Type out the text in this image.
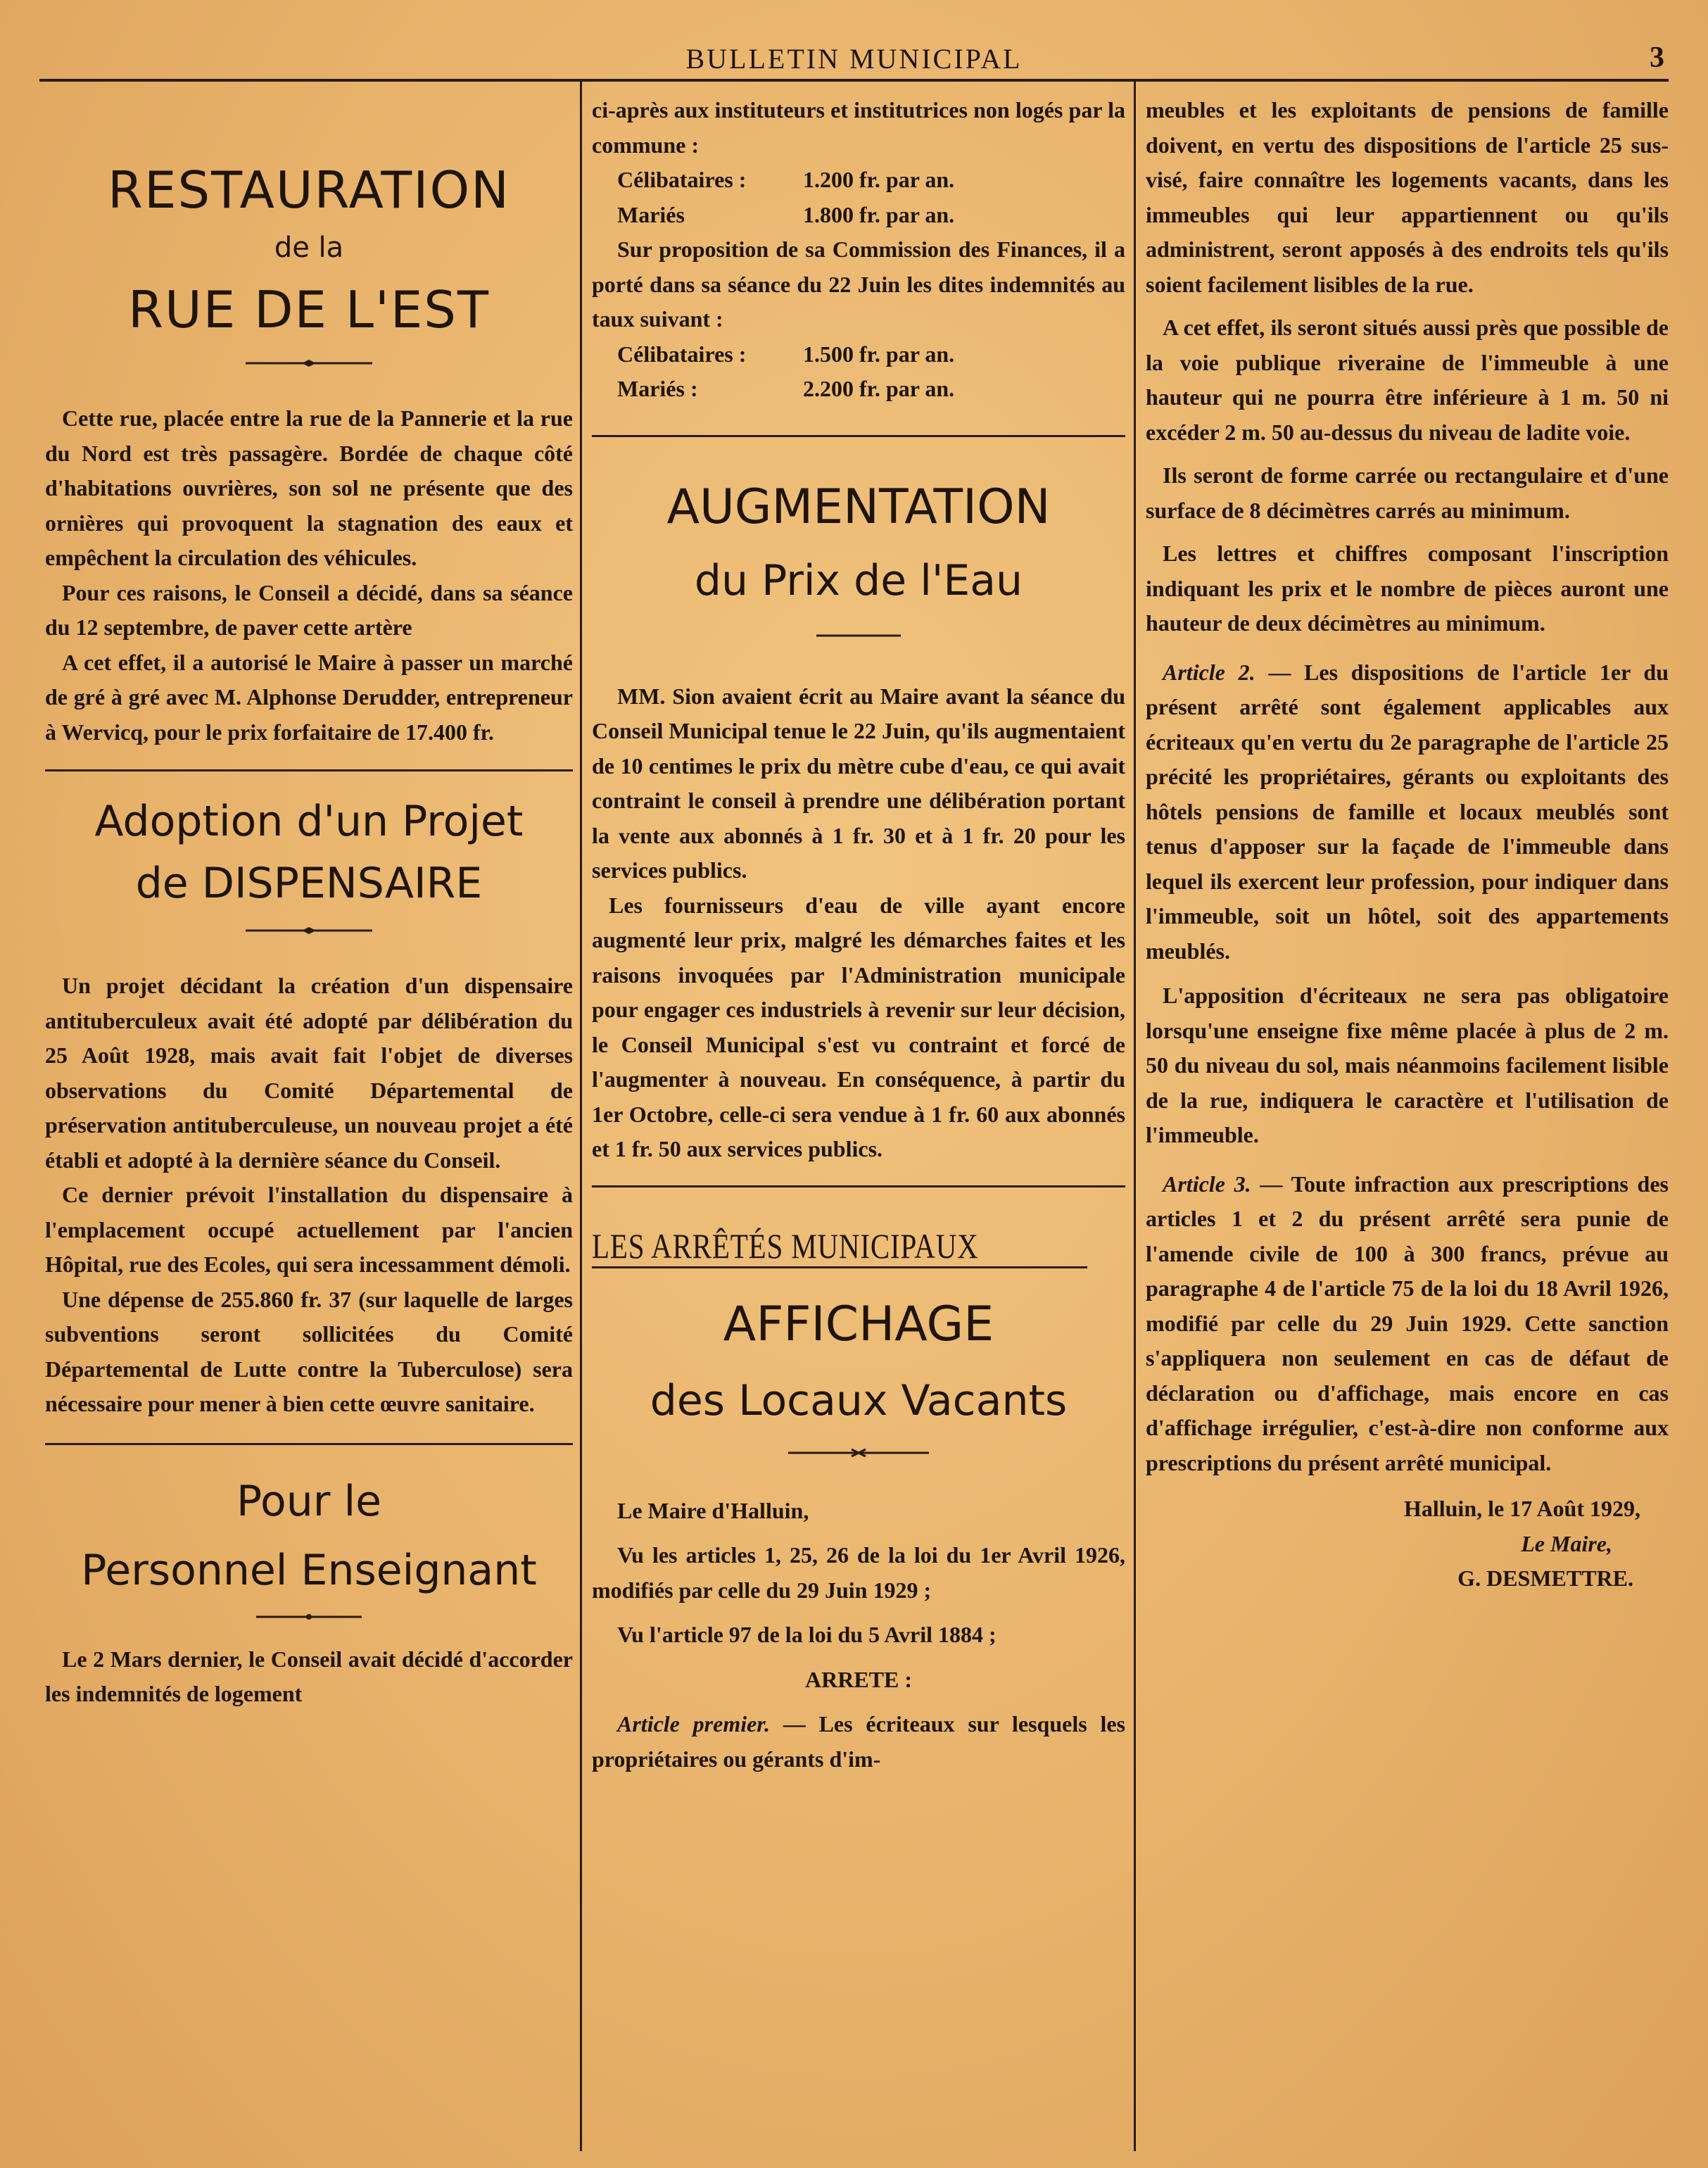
BULLETIN MUNICIPAL	3
RESTAURATION
de la
RUE DE L'EST

Cette rue, placée entre la rue de la Pannerie et la rue du Nord est très passagère. Bordée de chaque côté d'habitations ouvrières, son sol ne présente que des ornières qui provoquent la stagnation des eaux et empêchent la circulation des véhicules.

Pour ces raisons, le Conseil a décidé, dans sa séance du 12 septembre, de paver cette artère

A cet effet, il a autorisé le Maire à passer un marché de gré à gré avec M. Alphonse Derudder, entrepreneur à Wervicq, pour le prix forfaitaire de 17.400 fr.

Adoption d'un Projet
de DISPENSAIRE

Un projet décidant la création d'un dispensaire antituberculeux avait été adopté par délibération du 25 Août 1928, mais avait fait l'objet de diverses observations du Comité Départemental de préservation antituberculeuse, un nouveau projet a été établi et adopté à la dernière séance du Conseil.

Ce dernier prévoit l'installation du dispensaire à l'emplacement occupé actuellement par l'ancien Hôpital, rue des Ecoles, qui sera incessamment démoli.

Une dépense de 255.860 fr. 37 (sur laquelle de larges subventions seront sollicitées du Comité Départemental de Lutte contre la Tuberculose) sera nécessaire pour mener à bien cette œuvre sanitaire.

Pour le
Personnel Enseignant

Le 2 Mars dernier, le Conseil avait décidé d'accorder les indemnités de logement

ci-après aux instituteurs et institutrices non logés par la commune :

Célibataires :	1.200 fr. par an.
Mariés	1.800 fr. par an.

Sur proposition de sa Commission des Finances, il a porté dans sa séance du 22 Juin les dites indemnités au taux suivant :

Célibataires :	1.500 fr. par an.
Mariés :	2.200 fr. par an.
AUGMENTATION
du Prix de l'Eau

MM. Sion avaient écrit au Maire avant la séance du Conseil Municipal tenue le 22 Juin, qu'ils augmentaient de 10 centimes le prix du mètre cube d'eau, ce qui avait contraint le conseil à prendre une délibération portant la vente aux abonnés à 1 fr. 30 et à 1 fr. 20 pour les services publics.

Les fournisseurs d'eau de ville ayant encore augmenté leur prix, malgré les démarches faites et les raisons invoquées par l'Administration municipale pour engager ces industriels à revenir sur leur décision, le Conseil Municipal s'est vu contraint et forcé de l'augmenter à nouveau. En conséquence, à partir du 1er Octobre, celle-ci sera vendue à 1 fr. 60 aux abonnés et 1 fr. 50 aux services publics.

LES ARRÊTÉS MUNICIPAUX
AFFICHAGE
des Locaux Vacants

Le Maire d'Halluin,

Vu les articles 1, 25, 26 de la loi du 1er Avril 1926, modifiés par celle du 29 Juin 1929 ;

Vu l'article 97 de la loi du 5 Avril 1884 ;

ARRETE :

Article premier. — Les écriteaux sur lesquels les propriétaires ou gérants d'im-

meubles et les exploitants de pensions de famille doivent, en vertu des dispositions de l'article 25 sus-visé, faire connaître les logements vacants, dans les immeubles qui leur appartiennent ou qu'ils administrent, seront apposés à des endroits tels qu'ils soient facilement lisibles de la rue.

A cet effet, ils seront situés aussi près que possible de la voie publique riveraine de l'immeuble à une hauteur qui ne pourra être inférieure à 1 m. 50 ni excéder 2 m. 50 au-dessus du niveau de ladite voie.

Ils seront de forme carrée ou rectangulaire et d'une surface de 8 décimètres carrés au minimum.

Les lettres et chiffres composant l'inscription indiquant les prix et le nombre de pièces auront une hauteur de deux décimètres au minimum.

Article 2. — Les dispositions de l'article 1er du présent arrêté sont également applicables aux écriteaux qu'en vertu du 2e paragraphe de l'article 25 précité les propriétaires, gérants ou exploitants des hôtels pensions de famille et locaux meublés sont tenus d'apposer sur la façade de l'immeuble dans lequel ils exercent leur profession, pour indiquer dans l'immeuble, soit un hôtel, soit des appartements meublés.

L'apposition d'écriteaux ne sera pas obligatoire lorsqu'une enseigne fixe même placée à plus de 2 m. 50 du niveau du sol, mais néanmoins facilement lisible de la rue, indiquera le caractère et l'utilisation de l'immeuble.

Article 3. — Toute infraction aux prescriptions des articles 1 et 2 du présent arrêté sera punie de l'amende civile de 100 à 300 francs, prévue au paragraphe 4 de l'article 75 de la loi du 18 Avril 1926, modifié par celle du 29 Juin 1929. Cette sanction s'appliquera non seulement en cas de défaut de déclaration ou d'affichage, mais encore en cas d'affichage irrégulier, c'est-à-dire non conforme aux prescriptions du présent arrêté municipal.

Halluin, le 17 Août 1929,
Le Maire,
G. DESMETTRE.
